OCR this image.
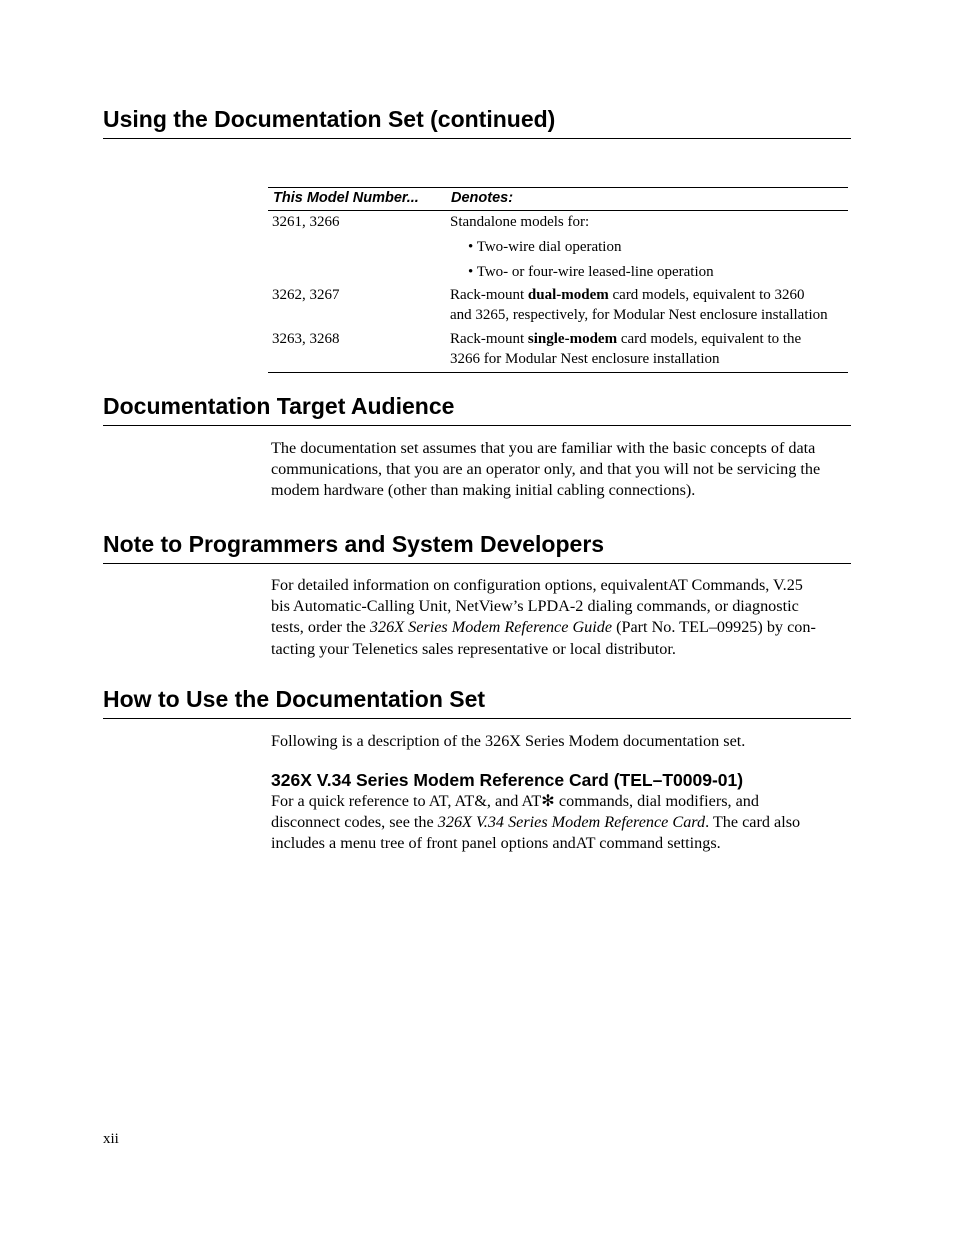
Using the Documentation Set (continued)
This Model Number... Denotes:
3261, 3266	Standalone models for:
• Two-wire dial operation
• Two- or four-wire leased-line operation
3262, 3267	Rack-mount dual-modem card models, equivalent to 3260
and 3265, respectively, for Modular Nest enclosure installation
3263, 3268	Rack-mount single-modem card models, equivalent to the
3266 for Modular Nest enclosure installation
Documentation Target Audience
The documentation set assumes that you are familiar with the basic concepts of data
communications, that you are an operator only, and that you will not be servicing the
modem hardware (other than making initial cabling connections).
Note to Programmers and System Developers
For detailed information on configuration options, equivalentAT Commands, V.25
bis Automatic-Calling Unit, NetView’s LPDA-2 dialing commands, or diagnostic
tests, order the 326X Series Modem Reference Guide (Part No. TEL–09925) by con-
tacting your Telenetics sales representative or local distributor.
How to Use the Documentation Set
Following is a description of the 326X Series Modem documentation set.
326X V.34 Series Modem Reference Card (TEL–T0009-01)
For a quick reference to AT, AT&, and AT✻ commands, dial modifiers, and
disconnect codes, see the 326X V.34 Series Modem Reference Card. The card also
includes a menu tree of front panel options andAT command settings.
xii
